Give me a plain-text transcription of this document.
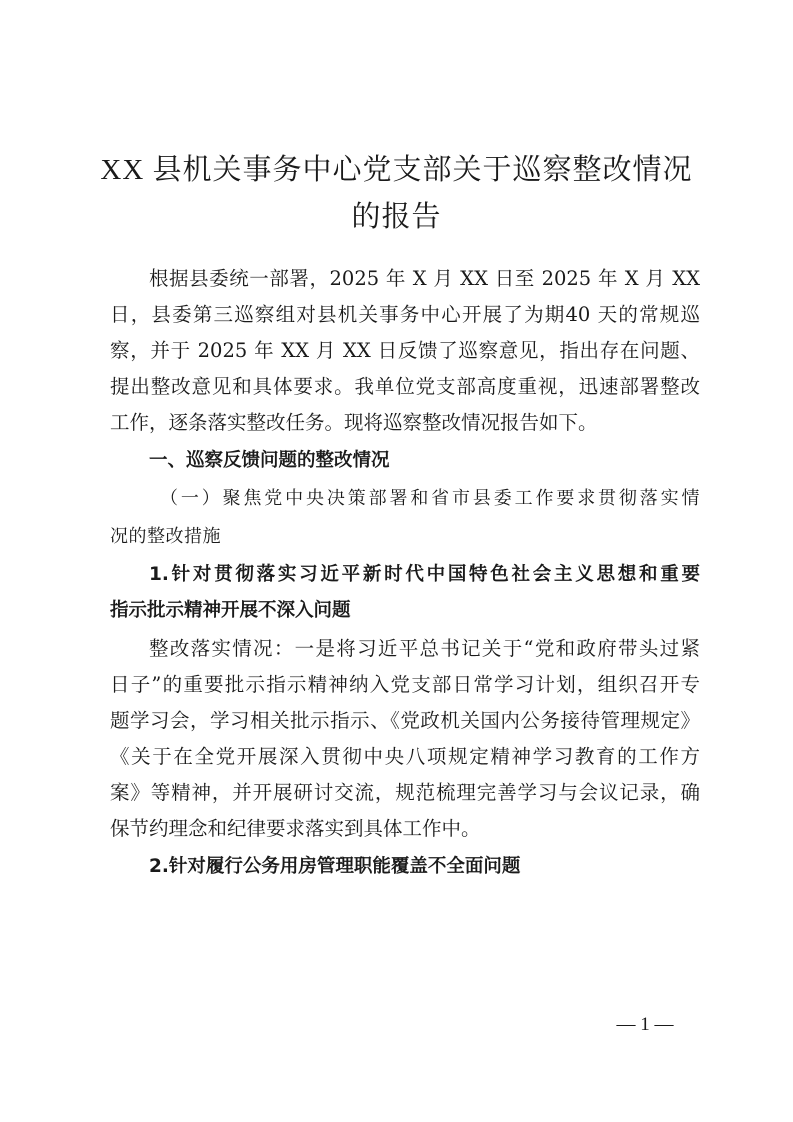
XX 县机关事务中心党支部关于巡察整改情况
的报告
根据县委统一部署，2025 年 X 月 XX 日至 2025 年 X 月 XX
日，县委第三巡察组对县机关事务中心开展了为期40 天的常规巡
察，并于 2025 年 XX 月 XX 日反馈了巡察意见，指出存在问题、
提出整改意见和具体要求。我单位党支部高度重视，迅速部署整改
工作，逐条落实整改任务。现将巡察整改情况报告如下。
一、巡察反馈问题的整改情况
（一）聚焦党中央决策部署和省市县委工作要求贯彻落实情
况的整改措施
1.针对贯彻落实习近平新时代中国特色社会主义思想和重要
指示批示精神开展不深入问题
整改落实情况：一是将习近平总书记关于“党和政府带头过紧
日子”的重要批示指示精神纳入党支部日常学习计划，组织召开专
题学习会，学习相关批示指示、《党政机关国内公务接待管理规定》
《关于在全党开展深入贯彻中央八项规定精神学习教育的工作方
案》等精神，并开展研讨交流，规范梳理完善学习与会议记录，确
保节约理念和纪律要求落实到具体工作中。
2.针对履行公务用房管理职能覆盖不全面问题
— 1 —
